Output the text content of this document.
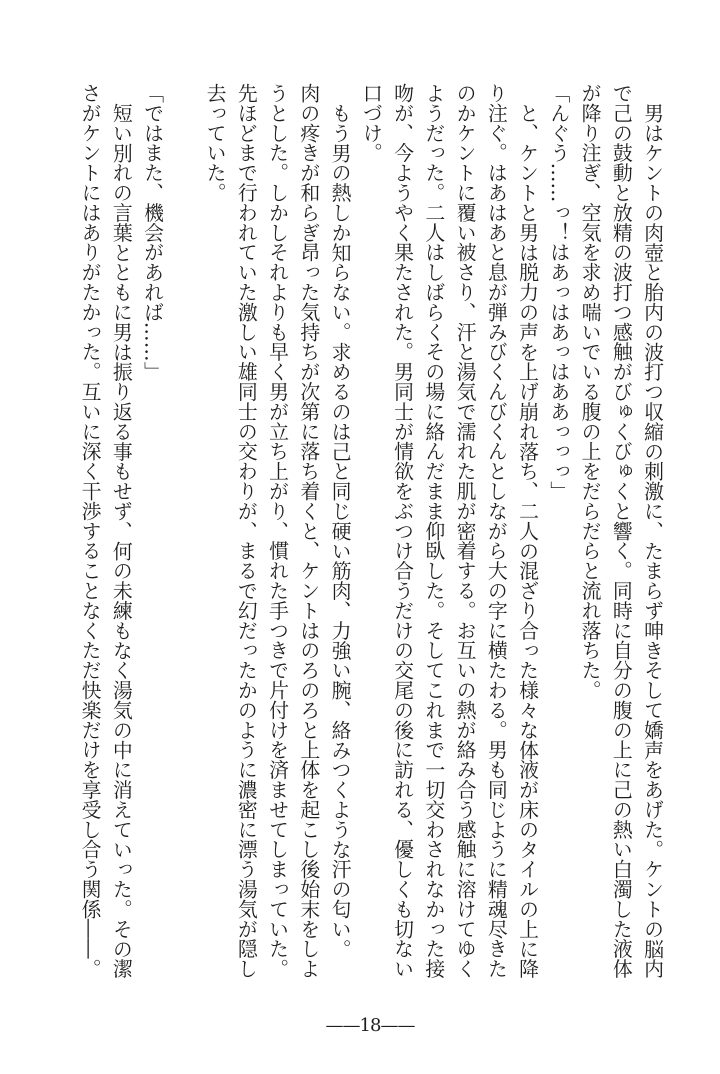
男はケントの肉壺と胎内の波打つ収縮の刺激に、たまらず呻きそして嬌声をあげた。ケントの脳内
で己の鼓動と放精の波打つ感触がびゅくびゅくと響く。同時に自分の腹の上に己の熱い白濁した液体
が降り注ぎ、空気を求め喘いでいる腹の上をだらだらと流れ落ちた。
「んぐう……っ！はあっはあっはああっっっ」
と、ケントと男は脱力の声を上げ崩れ落ち、二人の混ざり合った様々な体液が床のタイルの上に降
り注ぐ。はあはあと息が弾みびくんびくんとしながら大の字に横たわる。男も同じように精魂尽きた
のかケントに覆い被さり、汗と湯気で濡れた肌が密着する。お互いの熱が絡み合う感触に溶けてゆく
ようだった。二人はしばらくその場に絡んだまま仰臥した。そしてこれまで一切交わされなかった接
吻が、今ようやく果たされた。男同士が情欲をぶつけ合うだけの交尾の後に訪れる、優しくも切ない
口づけ。
もう男の熱しか知らない。求めるのは己と同じ硬い筋肉、力強い腕、絡みつくような汗の匂い。
肉の疼きが和らぎ昂った気持ちが次第に落ち着くと、ケントはのろのろと上体を起こし後始末をしよ
うとした。しかしそれよりも早く男が立ち上がり、慣れた手つきで片付けを済ませてしまっていた。
先ほどまで行われていた激しい雄同士の交わりが、まるで幻だったかのように濃密に漂う湯気が隠し
去っていた。
「ではまた、機会があれば……」
短い別れの言葉とともに男は振り返る事もせず、何の未練もなく湯気の中に消えていった。その潔
さがケントにはありがたかった。互いに深く干渉することなくただ快楽だけを享受し合う関係――。
——18——
